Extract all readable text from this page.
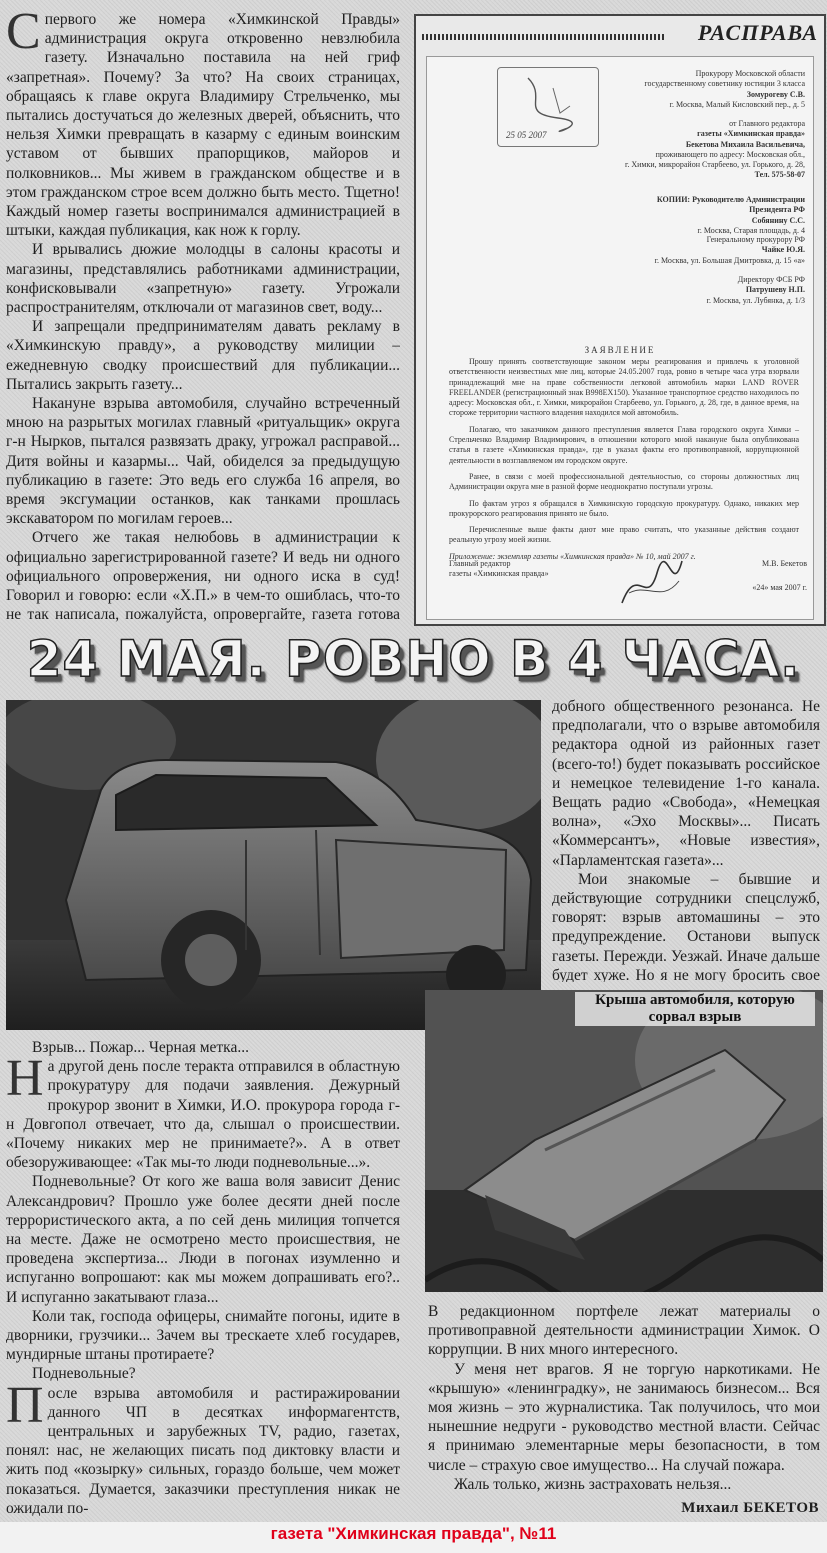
Спервого же номера «Химкинской Правды» администрация округа откровенно невзлюбила газету. Изначально поставила на ней гриф «запретная». Почему? За что? На своих страницах, обращаясь к главе округа Владимиру Стрельченко, мы пытались достучаться до железных дверей, объяснить, что нельзя Химки превращать в казарму с единым воинским уставом от бывших прапорщиков, майоров и полковников... Мы живем в гражданском обществе и в этом гражданском строе всем должно быть место. Тщетно! Каждый номер газеты воспринимался администрацией в штыки, каждая публикация, как нож к горлу.

И врывались дюжие молодцы в салоны красоты и магазины, представлялись работниками администрации, конфисковывали «запретную» газету. Угрожали распространителям, отключали от магазинов свет, воду...

И запрещали предпринимателям давать рекламу в «Химкинскую правду», а руководству милиции – ежедневную сводку происшествий для публикации... Пытались закрыть газету...

Накануне взрыва автомобиля, случайно встреченный мною на разрытых могилах главный «ритуальщик» округа г-н Нырков, пытался развязать драку, угрожал расправой... Дитя войны и казармы... Чай, обиделся за предыдущую публикацию в газете: Это ведь его служба 16 апреля, во время эксгумации останков, как танками прошлась экскаватором по могилам героев...

Отчего же такая нелюбовь в администрации к официально зарегистрированной газете? И ведь ни одного официального опровержения, ни одного иска в суд! Говорил и говорю: если «Х.П.» в чем-то ошиблась, что-то не так написала, пожалуйста, опровергайте, газета готова

РАСПРАВА
25 05 2007
Прокурору Московской области
государственному советнику юстиции 3 класса
Зомурогеву С.В.
г. Москва, Малый Кисловский пер., д. 5
от Главного редактора
газеты «Химкинская правда»
Бекетова Михаила Васильевича,
проживающего по адресу: Московская обл.,
г. Химки, микрорайон Старбеево, ул. Горького, д. 28,
Тел. 575-58-07
КОПИИ: Руководителю Администрации Президента РФ
Собянину С.С.
г. Москва, Старая площадь, д. 4
Генеральному прокурору РФ
Чайке Ю.Я.
г. Москва, ул. Большая Дмитровка, д. 15 «а»
Директору ФСБ РФ
Патрушеву Н.П.
г. Москва, ул. Лубянка, д. 1/3
ЗАЯВЛЕНИЕ

Прошу принять соответствующие законом меры реагирования и привлечь к уголовной ответственности неизвестных мне лиц, которые 24.05.2007 года, ровно в четыре часа утра взорвали принадлежащий мне на праве собственности легковой автомобиль марки LAND ROVER FREELANDER (регистрационный знак В998ЕХ150). Указанное транспортное средство находилось по адресу: Московская обл., г. Химки, микрорайон Старбеево, ул. Горького, д. 28, где, в данное время, на стороже территории частного владения находился мой автомобиль.

Полагаю, что заказчиком данного преступления является Глава городского округа Химки – Стрельченко Владимир Владимирович, в отношении которого мной накануне была опубликована статья в газете «Химкинская правда», где в указал факты его противоправной, коррупционной деятельности в возглавляемом им городском округе.

Ранее, в связи с моей профессиональной деятельностью, со стороны должностных лиц Администрации округа мне в разной форме неоднократно поступали угрозы.

По фактам угроз я обращался в Химкинскую городскую прокуратуру. Однако, никаких мер прокурорского реагирования принято не было.

Перечисленные выше факты дают мне право считать, что указанные действия создают реальную угрозу моей жизни.

Приложение: экземпляр газеты «Химкинская правда» № 10, май 2007 г.

Главный редактор
газеты «Химкинская правда»
М.В. Бекетов
«24» мая 2007 г.
24 МАЯ. РОВНО В 4 ЧАСА.

добного общественного резонанса. Не предполагали, что о взрыве автомобиля редактора одной из районных газет (всего-то!) будет показывать российское и немецкое телевидение 1-го канала. Вещать радио «Свобода», «Немецкая волна», «Эхо Москвы»... Писать «Коммерсантъ», «Новые известия», «Парламентская газета»...

Мои знакомые – бывшие и действующие сотрудники спецслужб, говорят: взрыв автомашины – это предупреждение. Останови выпуск газеты. Пережди. Уезжай. Иначе дальше будет хуже. Но я не могу бросить свое

Крыша автомобиля, которую сорвал взрыв

Взрыв... Пожар... Черная метка...

На другой день после теракта отправился в областную прокуратуру для подачи заявления. Дежурный прокурор звонит в Химки, И.О. прокурора города г-н Довгопол отвечает, что да, слышал о происшествии. «Почему никаких мер не принимаете?». А в ответ обезоруживающее: «Так мы-то люди подневольные...».

Подневольные? От кого же ваша воля зависит Денис Александрович? Прошло уже более десяти дней после террористического акта, а по сей день милиция топчется на месте. Даже не осмотрено место происшествия, не проведена экспертиза... Люди в погонах изумленно и испуганно вопрошают: как мы можем допрашивать его?.. И испуганно закатывают глаза...

Коли так, господа офицеры, снимайте погоны, идите в дворники, грузчики... Зачем вы трескаете хлеб государев, мундирные штаны протираете?

Подневольные?

После взрыва автомобиля и растиражировании данного ЧП в десятках информагентств, центральных и зарубежных TV, радио, газетах, понял: нас, не желающих писать под диктовку власти и жить под «козырку» сильных, гораздо больше, чем может показаться. Думается, заказчики преступления никак не ожидали по-

В редакционном портфеле лежат материалы о противоправной деятельности администрации Химок. О коррупции. В них много интересного.

У меня нет врагов. Я не торгую наркотиками. Не «крышую» «ленинградку», не занимаюсь бизнесом... Вся моя жизнь – это журналистика. Так получилось, что мои нынешние недруги - руководство местной власти. Сейчас я принимаю элементарные меры безопасности, в том числе – страхую свое имущество... На случай пожара.

Жаль только, жизнь застраховать нельзя...

Михаил БЕКЕТОВ
газета "Химкинская правда", №11
